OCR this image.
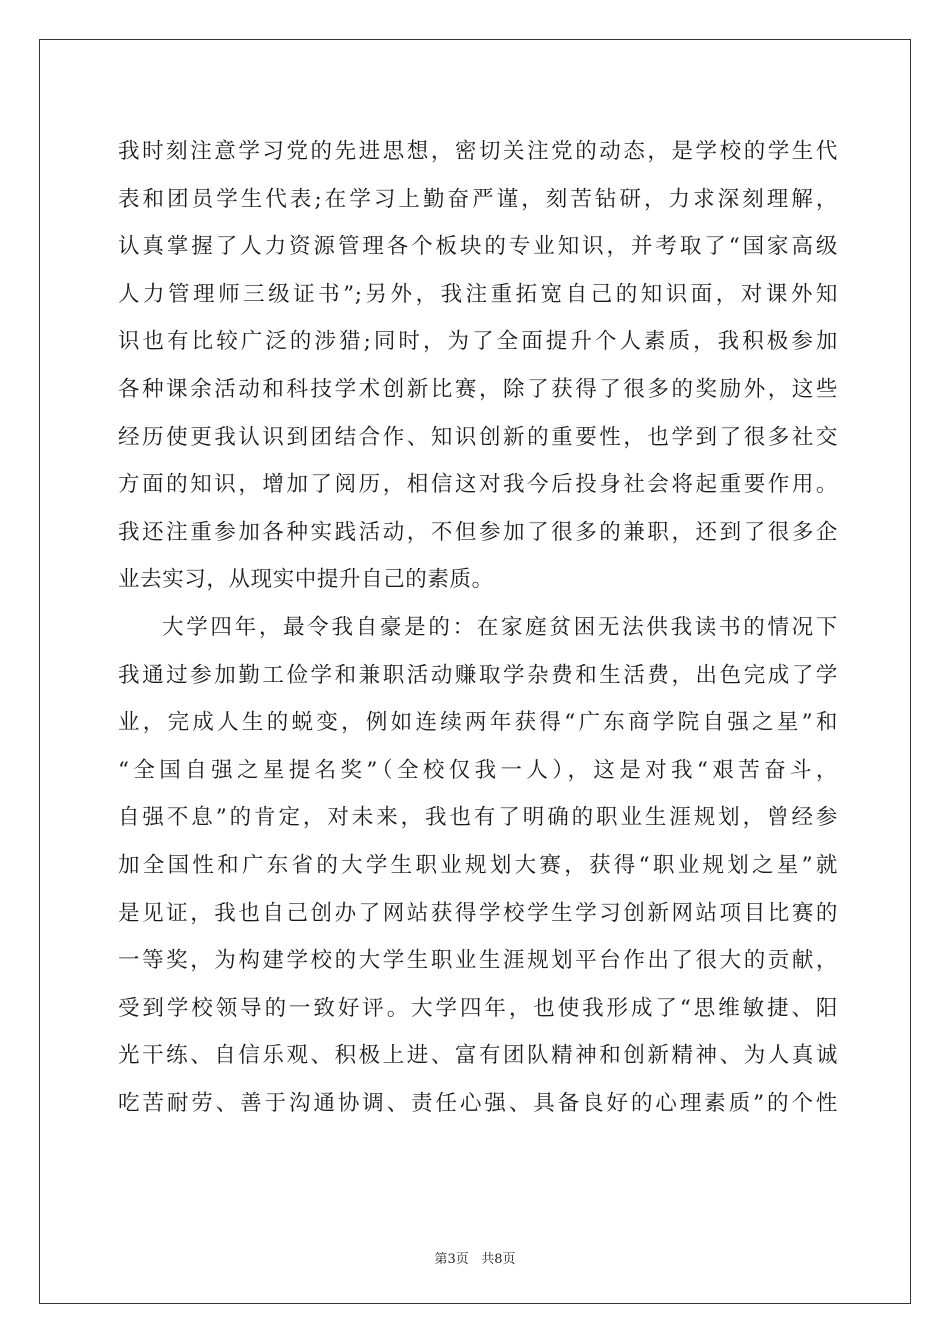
我时刻注意学习党的先进思想，密切关注党的动态，是学校的学生代
表和团员学生代表;在学习上勤奋严谨，刻苦钻研，力求深刻理解，
认真掌握了人力资源管理各个板块的专业知识，并考取了“国家高级
人力管理师三级证书”;另外，我注重拓宽自己的知识面，对课外知
识也有比较广泛的涉猎;同时，为了全面提升个人素质，我积极参加
各种课余活动和科技学术创新比赛，除了获得了很多的奖励外，这些
经历使更我认识到团结合作、知识创新的重要性，也学到了很多社交
方面的知识，增加了阅历，相信这对我今后投身社会将起重要作用。
我还注重参加各种实践活动，不但参加了很多的兼职，还到了很多企
业去实习，从现实中提升自己的素质。
大学四年，最令我自豪是的：在家庭贫困无法供我读书的情况下
我通过参加勤工俭学和兼职活动赚取学杂费和生活费，出色完成了学
业，完成人生的蜕变，例如连续两年获得“广东商学院自强之星”和
“全国自强之星提名奖”（全校仅我一人），这是对我“艰苦奋斗，
自强不息”的肯定，对未来，我也有了明确的职业生涯规划，曾经参
加全国性和广东省的大学生职业规划大赛，获得“职业规划之星”就
是见证，我也自己创办了网站获得学校学生学习创新网站项目比赛的
一等奖，为构建学校的大学生职业生涯规划平台作出了很大的贡献，
受到学校领导的一致好评。大学四年，也使我形成了“思维敏捷、阳
光干练、自信乐观、积极上进、富有团队精神和创新精神、为人真诚
吃苦耐劳、善于沟通协调、责任心强、具备良好的心理素质”的个性
第3页 共8页
